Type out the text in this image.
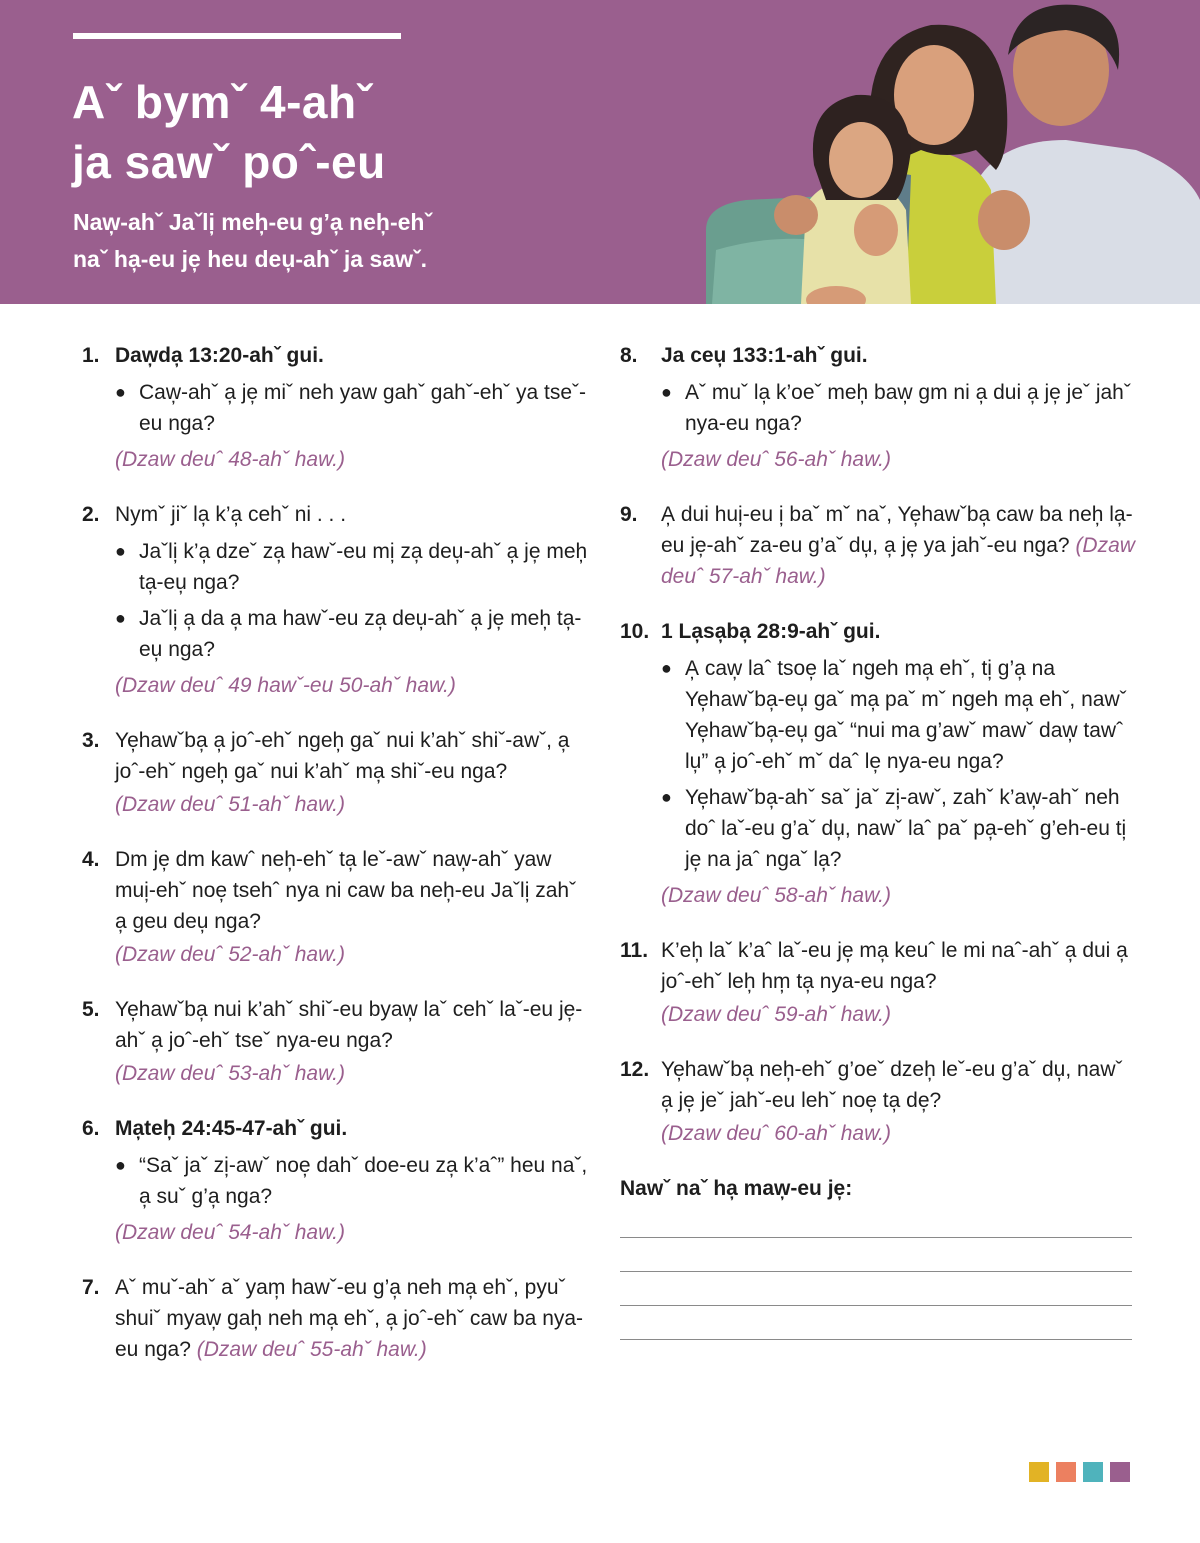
Aˇ bymˇ 4-ahˇ
ja sawˇ poˆ-eu

Naw̦-ahˇ Jaˇli̦ meh̦-eu g’a̦ neh̦-ehˇ
naˇ ha̦-eu je̦ heu deu̦-ahˇ ja sawˇ.

1. Daw̦da̦ 13:20-ahˇ gui.
● Caw̦-ahˇ a̦ je̦ miˇ neh yaw gahˇ gahˇ-ehˇ ya tseˇ-eu nga?
(Dzaw deuˆ 48-ahˇ haw.)
2. Nymˇ jiˇ la̦ k’a̦ cehˇ ni . . .
● Jaˇli̦ k’a̦ dzeˇ za̦ hawˇ-eu mi̦ za̦ deu̦-ahˇ a̦ je̦ meh̦ ta̦-eu̦ nga?
● Jaˇli̦ a̦ da a̦ ma hawˇ-eu za̦ deu̦-ahˇ a̦ je̦ meh̦ ta̦-eu̦ nga?
(Dzaw deuˆ 49 hawˇ-eu 50-ahˇ haw.)
3. Ye̦hawˇba̦ a̦ joˆ-ehˇ ngeh̦ gaˇ nui k’ahˇ shiˇ-awˇ, a̦ joˆ-ehˇ ngeh̦ gaˇ nui k’ahˇ ma̦ shiˇ-eu nga?
(Dzaw deuˆ 51-ahˇ haw.)
4. Dm je̦ dm kawˆ neh̦-ehˇ ta̦ leˇ-awˇ naw̦-ahˇ yaw mui̦-ehˇ noe̦ tsehˆ nya ni caw ba neh̦-eu Jaˇli̦ zahˇ a̦ geu deu̦ nga?
(Dzaw deuˆ 52-ahˇ haw.)
5. Ye̦hawˇba̦ nui k’ahˇ shiˇ-eu byaw̦ laˇ cehˇ laˇ-eu je̦-ahˇ a̦ joˆ-ehˇ tseˇ nya-eu nga?
(Dzaw deuˆ 53-ahˇ haw.)
6. Ma̦teh̦ 24:45-47-ahˇ gui.
● “Saˇ jaˇ zi̦-awˇ noe̦ dahˇ doe-eu za̦ k’aˆ” heu naˇ, a̦ suˇ g’a̦ nga?
(Dzaw deuˆ 54-ahˇ haw.)
7. Aˇ muˇ-ahˇ aˇ yam̦ hawˇ-eu g’a̦ neh ma̦ ehˇ, pyuˇ shuiˇ myaw̦ gah̦ neh ma̦ ehˇ, a̦ joˆ-ehˇ caw ba nya-eu nga? (Dzaw deuˆ 55-ahˇ haw.)
8. Ja ceu̦ 133:1-ahˇ gui.
● Aˇ muˇ la̦ k’oeˇ meh̦ baw̦ gm ni a̦ dui a̦ je̦ jeˇ jahˇ nya-eu nga?
(Dzaw deuˆ 56-ahˇ haw.)
9. A̦ dui hui̦-eu i̦ baˇ mˇ naˇ, Ye̦hawˇba̦ caw ba neh̦ la̦-eu je̦-ahˇ za-eu g’aˇ du̦, a̦ je̦ ya jahˇ-eu nga? (Dzaw deuˆ 57-ahˇ haw.)
10. 1 La̦sa̦ba̦ 28:9-ahˇ gui.
● A̦ caw̦ laˆ tsoe̦ laˇ ngeh ma̦ ehˇ, ti̦ g’a̦ na Ye̦hawˇba̦-eu̦ gaˇ ma̦ paˇ mˇ ngeh ma̦ ehˇ, nawˇ Ye̦hawˇba̦-eu̦ gaˇ “nui ma g’awˇ mawˇ daw̦ tawˆ lu̦” a̦ joˆ-ehˇ mˇ daˆ le̦ nya-eu nga?
● Ye̦hawˇba̦-ahˇ saˇ jaˇ zi̦-awˇ, zahˇ k’aw̦-ahˇ neh doˆ laˇ-eu g’aˇ du̦, nawˇ laˆ paˇ pa̦-ehˇ g’eh-eu ti̦ je̦ na jaˆ ngaˇ la̦?
(Dzaw deuˆ 58-ahˇ haw.)
11. K’eh̦ laˇ k’aˆ laˇ-eu je̦ ma̦ keuˆ le mi naˆ-ahˇ a̦ dui a̦ joˆ-ehˇ leh̦ hm̦ ta̦ nya-eu nga?
(Dzaw deuˆ 59-ahˇ haw.)
12. Ye̦hawˇba̦ neh̦-ehˇ g’oeˇ dzeh̦ leˇ-eu g’aˇ du̦, nawˇ a̦ je̦ jeˇ jahˇ-eu lehˇ noe̦ ta̦ de̦?
(Dzaw deuˆ 60-ahˇ haw.)

Nawˇ naˇ ha̦ maw̦-eu je̦:
